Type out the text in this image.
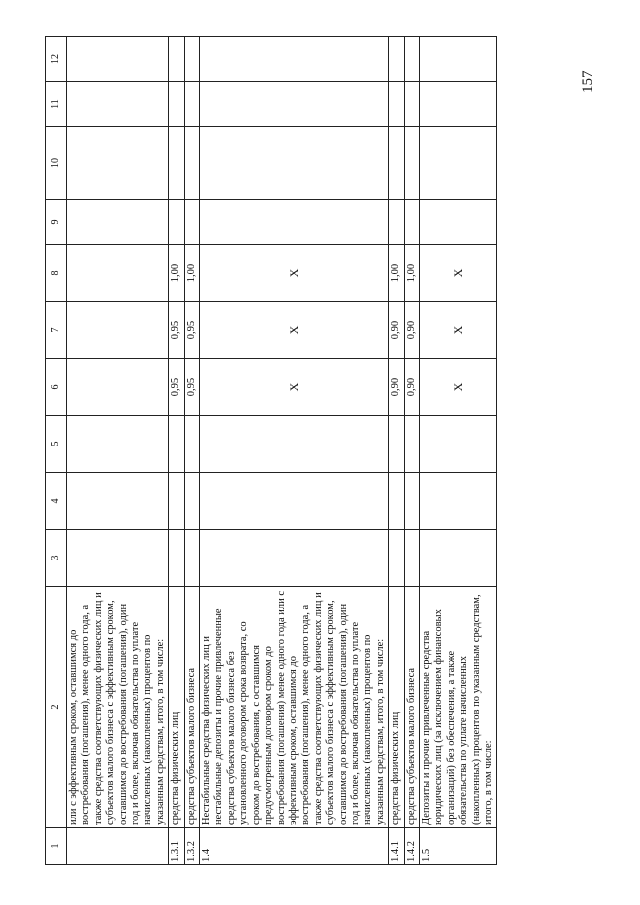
1	2	3	4	5	6	7	8	9	10	11	12
	или с эффективным сроком, оставшимся до востребования (погашения), менее одного года, а также средства соответствующих физических лиц и субъектов малого бизнеса с эффективным сроком, оставшимся до востребования (погашения), один год и более, включая обязательства по уплате начисленных (накопленных) процентов по указанным средствам, итого, в том числе:										
1.3.1	средства физических лиц				0,95	0,95	1,00				
1.3.2	средства субъектов малого бизнеса				0,95	0,95	1,00				
1.4	Нестабильные средства физических лиц и нестабильные депозиты и прочие привлеченные средства субъектов малого бизнеса без установленного договором срока возврата, со сроком до востребования, с оставшимся предусмотренным договором сроком до востребования (погашения) менее одного года или с эффективным сроком, оставшимся до востребования (погашения), менее одного года, а также средства соответствующих физических лиц и субъектов малого бизнеса с эффективным сроком, оставшимся до востребования (погашения), один год и более, включая обязательства по уплате начисленных (накопленных) процентов по указанным средствам, итого, в том числе:				X	X	X				
1.4.1	средства физических лиц				0,90	0,90	1,00				
1.4.2	средства субъектов малого бизнеса				0,90	0,90	1,00				
1.5	Депозиты и прочие привлеченные средства юридических лиц (за исключением финансовых организаций) без обеспечения, а также обязательства по уплате начисленных (накопленных) процентов по указанным средствам, итого, в том числе:				X	X	X				
157
